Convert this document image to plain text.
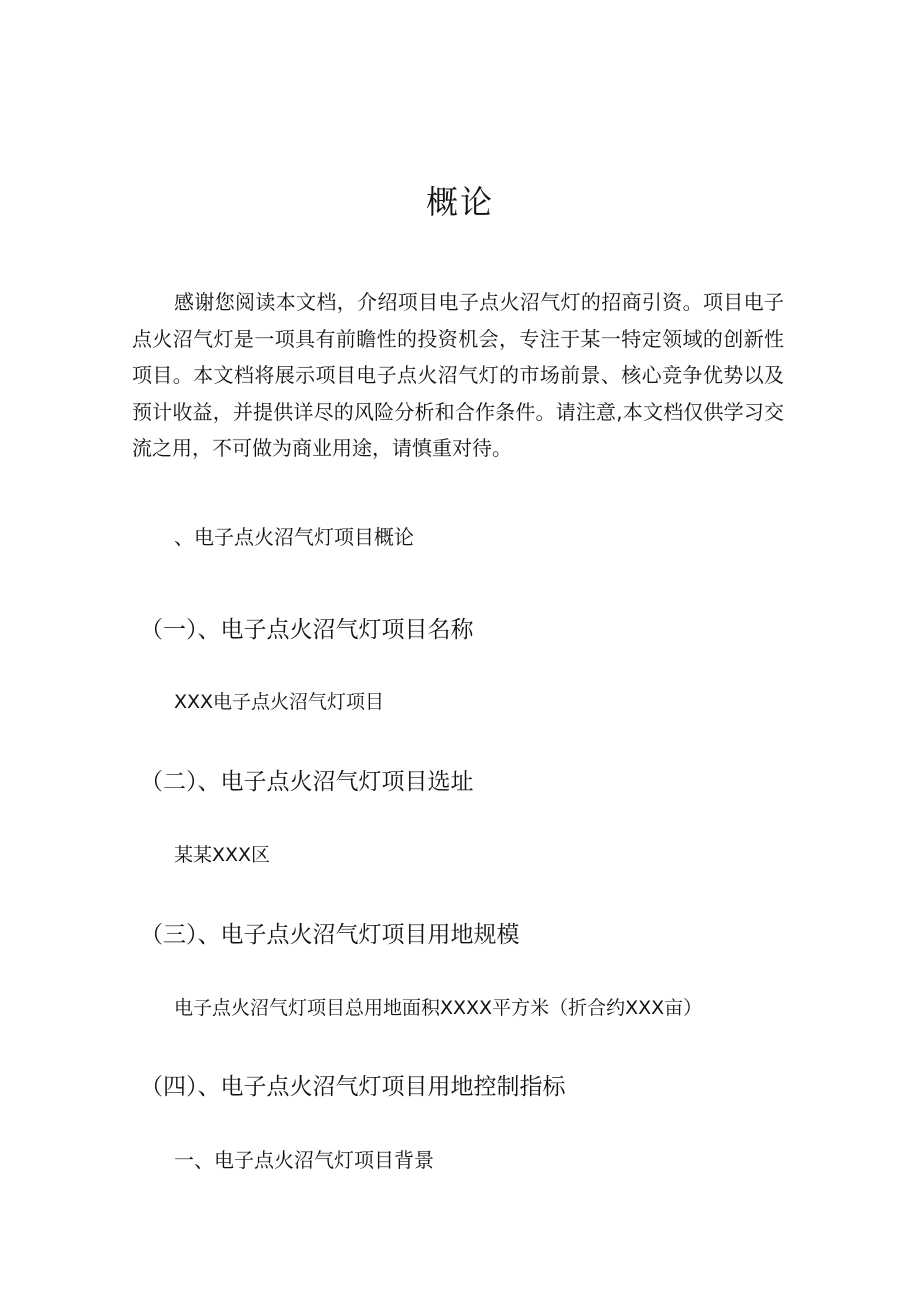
概论

感谢您阅读本文档，介绍项目电子点火沼气灯的招商引资。项目电子点火沼气灯是一项具有前瞻性的投资机会，专注于某一特定领域的创新性项目。本文档将展示项目电子点火沼气灯的市场前景、核心竞争优势以及预计收益，并提供详尽的风险分析和合作条件。请注意,本文档仅供学习交流之用，不可做为商业用途，请慎重对待。

、电子点火沼气灯项目概论
（一）、电子点火沼气灯项目名称
XXX电子点火沼气灯项目
（二）、电子点火沼气灯项目选址
某某XXX区
（三）、电子点火沼气灯项目用地规模
电子点火沼气灯项目总用地面积XXXX平方米（折合约XXX亩）
（四）、电子点火沼气灯项目用地控制指标
一、电子点火沼气灯项目背景
